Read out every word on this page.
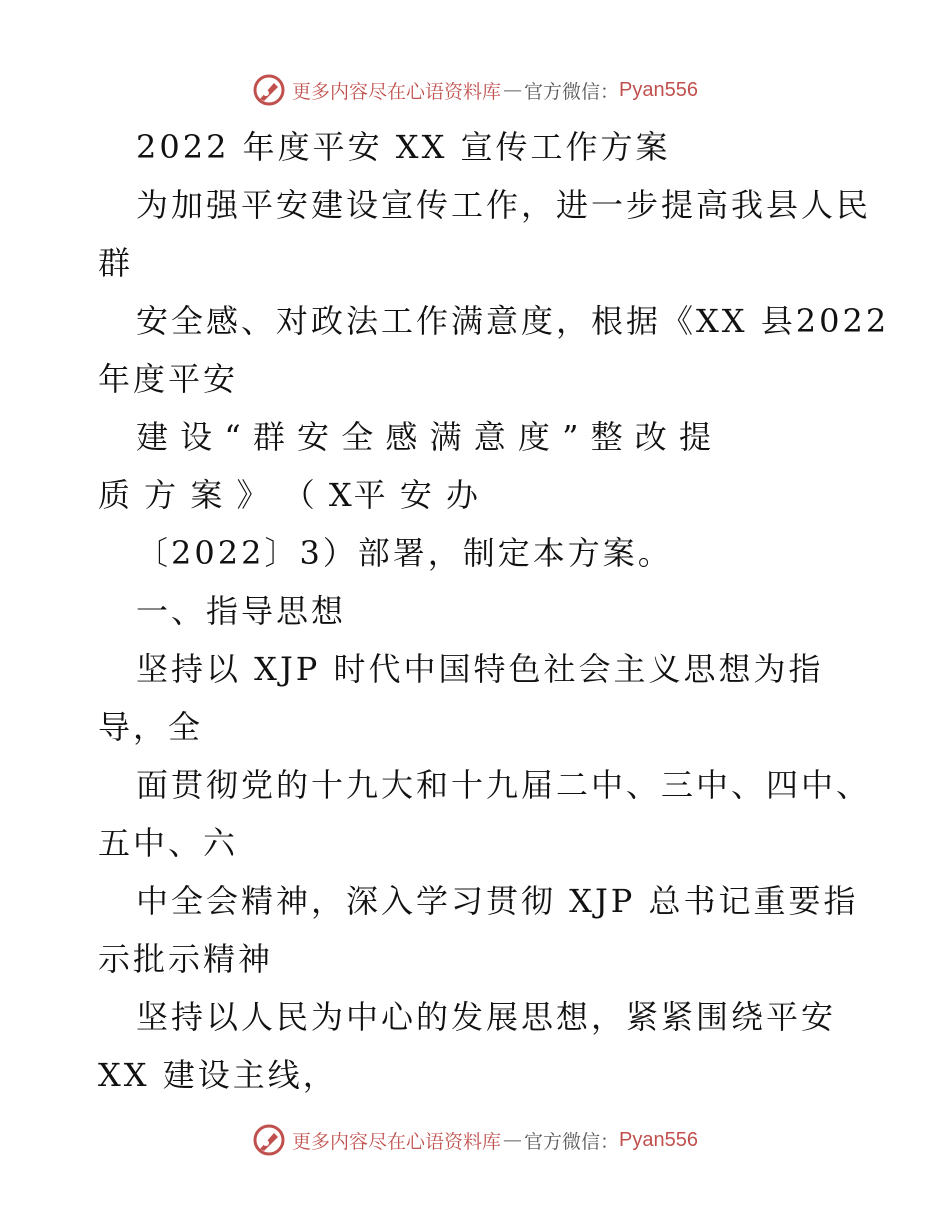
更多内容尽在心语资料库 — 官方微信： Pyan556
2022 年度平安 XX 宣传工作方案
为加强平安建设宣传工作，进一步提高我县人民
群
安全感、对政法工作满意度，根据《XX 县2022
年度平安
建 设 “ 群 安 全 感 满 意 度 ” 整 改 提
质 方 案 》 （ X平 安 办
〔2022〕3）部署，制定本方案。
一、指导思想
坚持以 XJP 时代中国特色社会主义思想为指
导，全
面贯彻党的十九大和十九届二中、三中、四中、
五中、六
中全会精神，深入学习贯彻 XJP 总书记重要指
示批示精神
坚持以人民为中心的发展思想，紧紧围绕平安
XX 建设主线，
更多内容尽在心语资料库 — 官方微信： Pyan556
